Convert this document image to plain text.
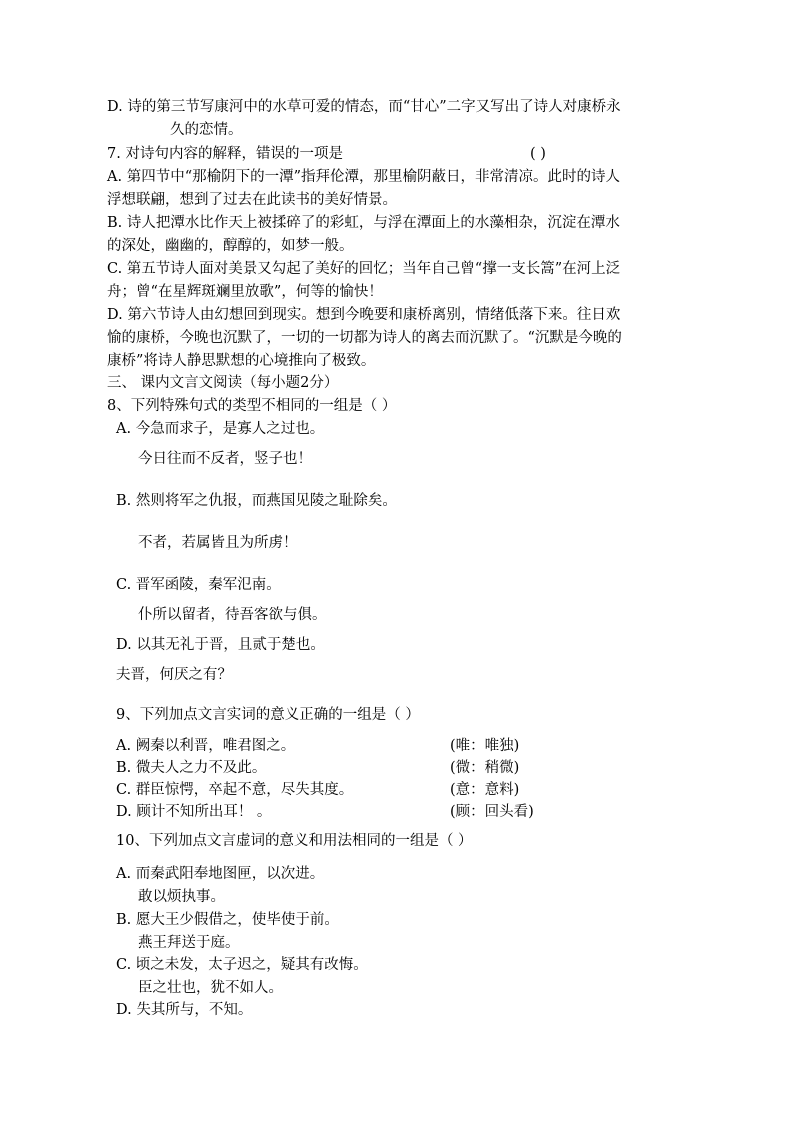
D. 诗的第三节写康河中的水草可爱的情态，而“甘心”二字又写出了诗人对康桥永
久的恋情。
7. 对诗句内容的解释，错误的一项是	( )
A. 第四节中“那榆阴下的一潭”指拜伦潭，那里榆阴蔽日，非常清凉。此时的诗人
浮想联翩，想到了过去在此读书的美好情景。
B. 诗人把潭水比作天上被揉碎了的彩虹，与浮在潭面上的水藻相杂，沉淀在潭水
的深处，幽幽的，醇醇的，如梦一般。
C. 第五节诗人面对美景又勾起了美好的回忆；当年自己曾“撑一支长篙”在河上泛
舟；曾“在星辉斑斓里放歌”，何等的愉快！
D. 第六节诗人由幻想回到现实。想到今晚要和康桥离别，情绪低落下来。往日欢
愉的康桥，今晚也沉默了，一切的一切都为诗人的离去而沉默了。“沉默是今晚的
康桥”将诗人静思默想的心境推向了极致。
三、 课内文言文阅读（每小题2分）
8、下列特殊句式的类型不相同的一组是（ ）
A. 今急而求子，是寡人之过也。
今日往而不反者，竖子也！
B. 然则将军之仇报，而燕国见陵之耻除矣。
不者，若属皆且为所虏！
C. 晋军函陵，秦军氾南。
仆所以留者，待吾客欲与俱。
D. 以其无礼于晋，且贰于楚也。
夫晋，何厌之有？
9、下列加点文言实词的意义正确的一组是（ ）
A. 阙秦以利晋，唯君图之。	(唯：唯独)
B. 微夫人之力不及此。	(微：稍微)
C. 群臣惊愕，卒起不意，尽失其度。	(意：意料)
D. 顾计不知所出耳！ 。	(顾：回头看)
10、下列加点文言虚词的意义和用法相同的一组是（ ）
A. 而秦武阳奉地图匣，以次进。
敢以烦执事。
B. 愿大王少假借之，使毕使于前。
燕王拜送于庭。
C. 顷之未发，太子迟之，疑其有改悔。
臣之壮也，犹不如人。
D. 失其所与，不知。
